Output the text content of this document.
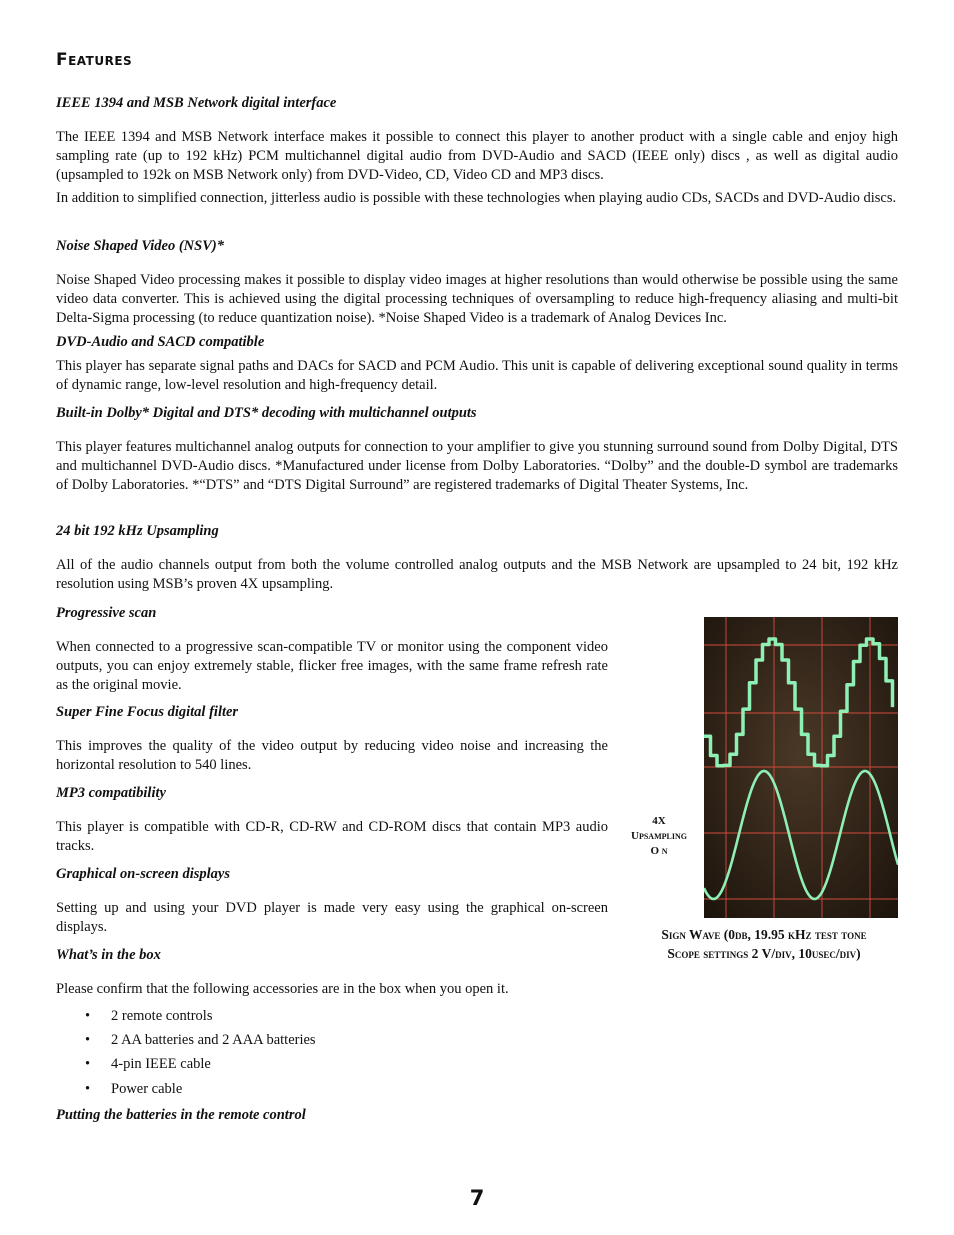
Features

IEEE 1394 and MSB Network digital interface

The IEEE 1394 and MSB Network interface makes it possible to connect this player to another product with a single cable and enjoy high sampling rate (up to 192 kHz) PCM multichannel digital audio from DVD-Audio and SACD (IEEE only) discs , as well as digital audio (upsampled to 192k on MSB Network only) from DVD-Video, CD, Video CD and MP3 discs.

In addition to simplified connection, jitterless audio is possible with these technologies when playing audio CDs, SACDs and DVD-Audio discs.

Noise Shaped Video (NSV)*

Noise Shaped Video processing makes it possible to display video images at higher resolutions than would otherwise be possible using the same video data converter. This is achieved using the digital processing techniques of oversampling to reduce high-frequency aliasing and multi-bit Delta-Sigma processing (to reduce quantization noise). *Noise Shaped Video is a trademark of Analog Devices Inc.

DVD-Audio and SACD compatible

This player has separate signal paths and DACs for SACD and PCM Audio. This unit is capable of delivering exceptional sound quality in terms of dynamic range, low-level resolution and high-frequency detail.

Built-in Dolby* Digital and DTS* decoding with multichannel outputs

This player features multichannel analog outputs for connection to your amplifier to give you stunning surround sound from Dolby Digital, DTS and multichannel DVD-Audio discs. *Manufactured under license from Dolby Laboratories. “Dolby” and the double-D symbol are trademarks of Dolby Laboratories. *“DTS” and “DTS Digital Surround” are registered trademarks of Digital Theater Systems, Inc.

24 bit 192 kHz Upsampling

All of the audio channels output from both the volume controlled analog outputs and the MSB Network are upsampled to 24 bit, 192 kHz resolution using MSB’s proven 4X upsampling.

Progressive scan

When connected to a progressive scan-compatible TV or monitor using the component video outputs, you can enjoy extremely stable, flicker free images, with the same frame refresh rate as the original movie.

Super Fine Focus digital filter

This improves the quality of the video output by reducing video noise and increasing the horizontal resolution to 540 lines.

MP3 compatibility

This player is compatible with CD-R, CD-RW and CD-ROM discs that contain MP3 audio tracks.

Graphical on-screen displays

Setting up and using your DVD player is made very easy using the graphical on-screen displays.

What’s in the box

Please confirm that the following accessories are in the box when you open it.

• 2 remote controls
• 2 AA batteries and 2 AAA batteries
• 4-pin IEEE cable
• Power cable

Putting the batteries in the remote control

4X
Upsampling
O n
Sign Wave (0db, 19.95 kHz test tone
Scope settings 2 V/div, 10usec/div)
7
